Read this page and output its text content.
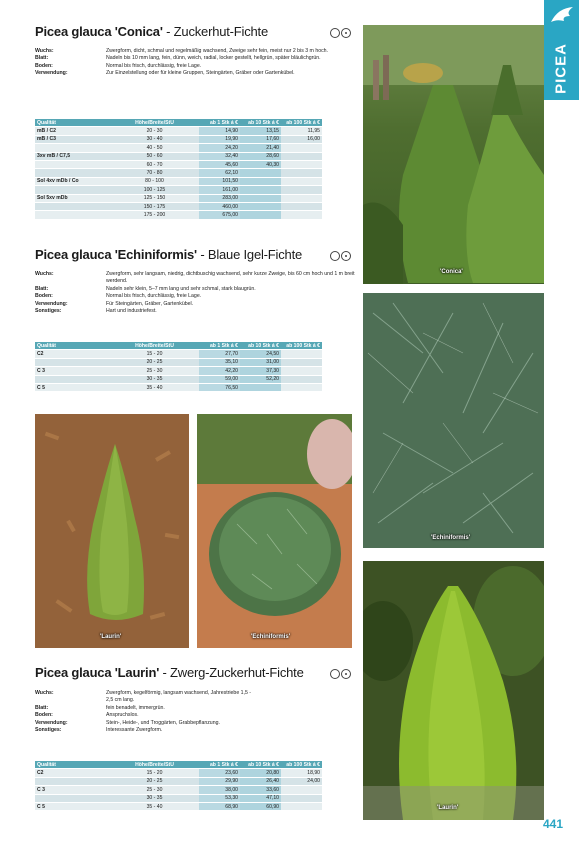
PICEA
Picea glauca 'Conica' - Zuckerhut-Fichte
Wuchs:	Zwergform, dicht, schmal und regelmäßig wachsend, Zweige sehr fein, meist nur 2 bis 3 m hoch.
Blatt:	Nadeln bis 10 mm lang, fein, dünn, weich, radial, locker gestellt, hellgrün, später bläulichgrün.
Boden:	Normal bis frisch, durchlässig, freie Lage.
Verwendung:	Zur Einzelstellung oder für kleine Gruppen, Steingärten, Gräber oder Gartenkübel.
Qualität	Höhe/Breite/StU	ab 1 Stk á €	ab 10 Stk á €	ab 100 Stk á €
mB / C2	20 - 30	14,90	13,15	11,95
mB / C3	30 - 40	19,90	17,60	16,00
	40 - 50	24,20	21,40	
3xv mB / C7,5	50 - 60	32,40	28,60	
	60 - 70	45,60	40,30	
	70 - 80	62,10		
Sol 4xv mDb / Co	80 - 100	101,50		
	100 - 125	161,00		
Sol 5xv mDb	125 - 150	283,00		
	150 - 175	460,00		
	175 - 200	675,00		
Picea glauca 'Echiniformis' - Blaue Igel-Fichte
Wuchs:	Zwergform, sehr langsam, niedrig, dichtbuschig wachsend, sehr kurze Zweige, bis 60 cm hoch und 1 m breit werdend.
Blatt:	Nadeln sehr klein, 5–7 mm lang und sehr schmal, stark blaugrün.
Boden:	Normal bis frisch, durchlässig, freie Lage.
Verwendung:	Für Steingärten, Gräber, Gartenkübel.
Sonstiges:	Hart und industriefest.
Qualität	Höhe/Breite/StU	ab 1 Stk á €	ab 10 Stk á €	ab 100 Stk á €
C2	15 - 20	27,70	24,50	
	20 - 25	35,10	31,00	
C 3	25 - 30	42,20	37,30	
	30 - 35	59,00	52,20	
C 5	35 - 40	76,50		
Picea glauca 'Laurin' - Zwerg-Zuckerhut-Fichte
Wuchs:	Zwergform, kegelförmig, langsam wachsend, Jahrestriebe 1,5 - 2,5 cm lang.
Blatt:	fein benadelt, immergrün.
Boden:	Anspruchslos.
Verwendung:	Stein-, Heide-, und Troggärten, Grabbepflanzung.
Sonstiges:	Interessante Zwergform.
Qualität	Höhe/Breite/StU	ab 1 Stk á €	ab 10 Stk á €	ab 100 Stk á €
C2	15 - 20	23,60	20,80	18,90
	20 - 25	29,90	26,40	24,00
C 3	25 - 30	38,00	33,60	
	30 - 35	53,30	47,10	
C 5	35 - 40	68,90	60,90	
'Conica'
'Echiniformis'
'Laurin'	'Echiniformis'
'Laurin'
441
